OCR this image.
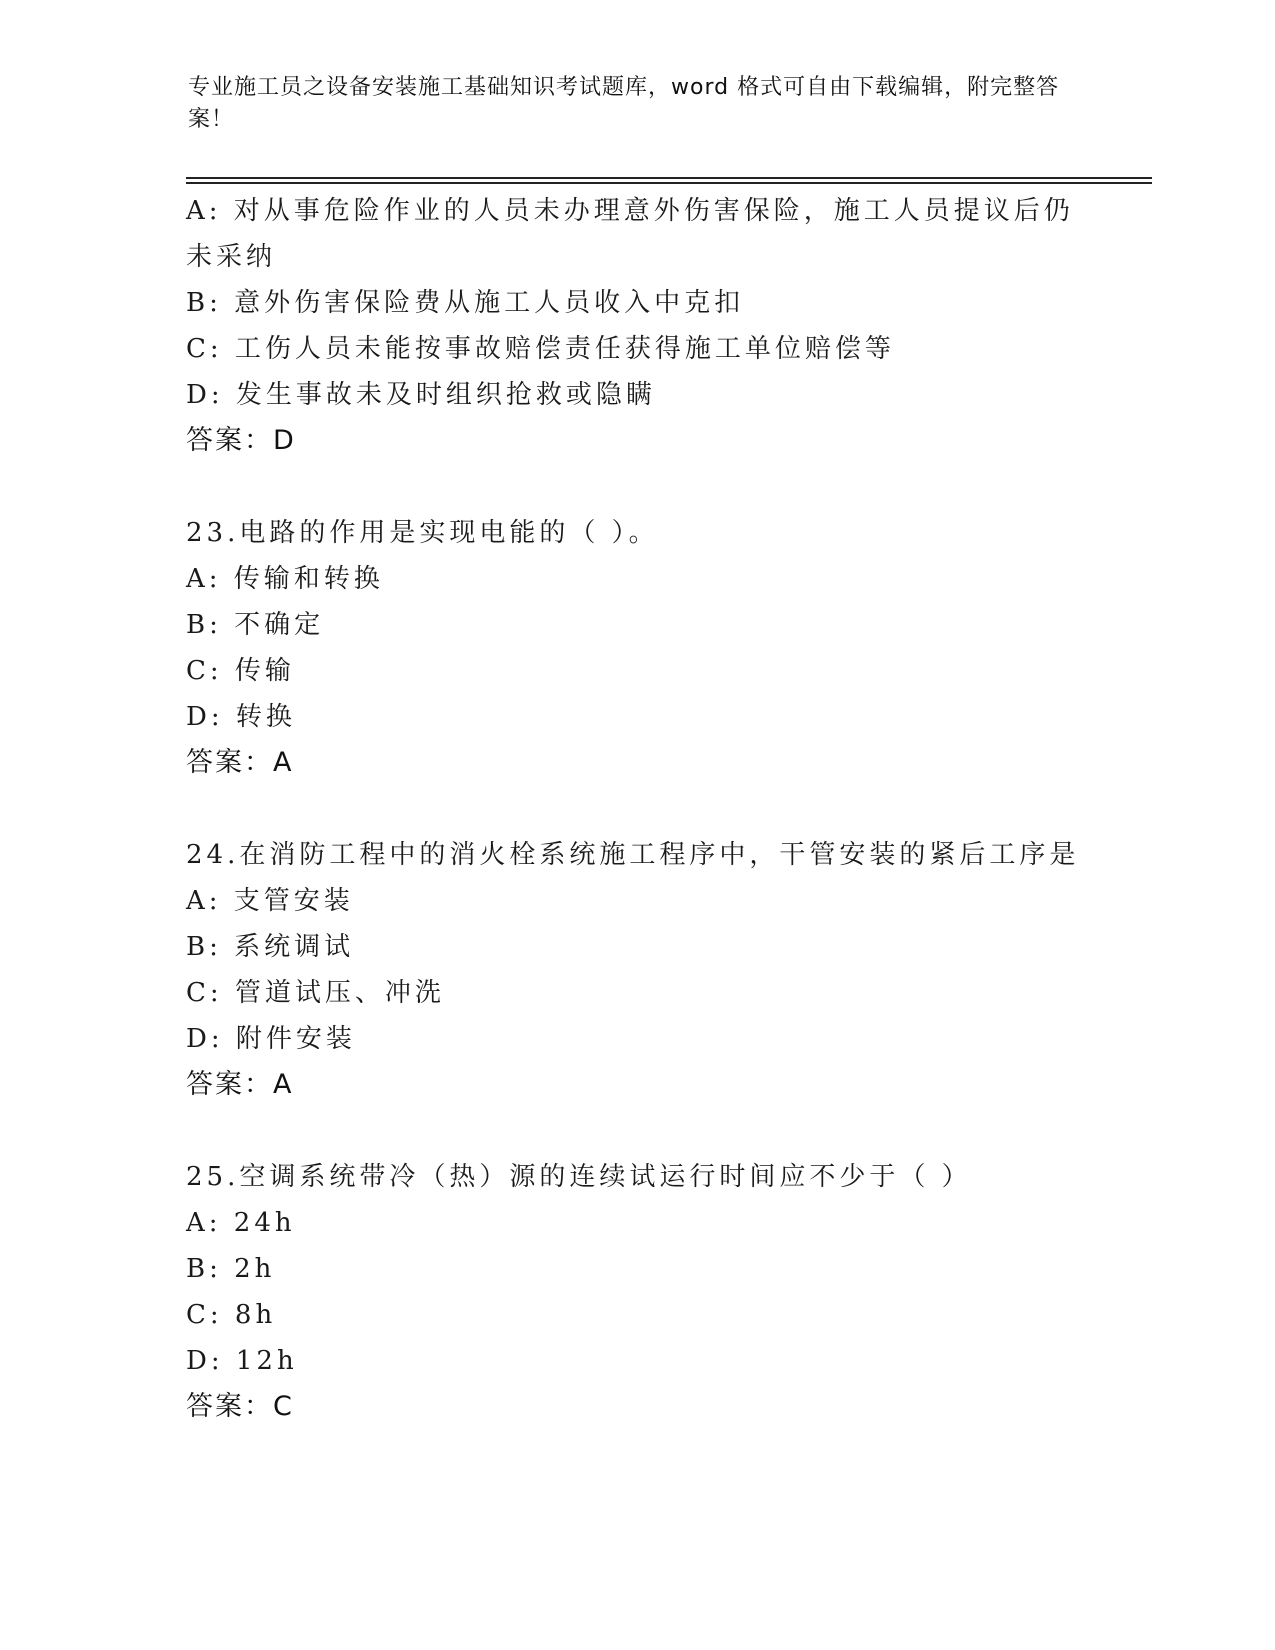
专业施工员之设备安装施工基础知识考试题库，word 格式可自由下载编辑，附完整答案！
A: 对从事危险作业的人员未办理意外伤害保险，施工人员提议后仍未采纳
B: 意外伤害保险费从施工人员收入中克扣
C: 工伤人员未能按事故赔偿责任获得施工单位赔偿等
D: 发生事故未及时组织抢救或隐瞒
答案：D
23.电路的作用是实现电能的（ ）。
A: 传输和转换
B: 不确定
C: 传输
D: 转换
答案：A
24.在消防工程中的消火栓系统施工程序中，干管安装的紧后工序是
A: 支管安装
B: 系统调试
C: 管道试压、冲洗
D: 附件安装
答案：A
25.空调系统带冷（热）源的连续试运行时间应不少于（ ）
A: 24h
B: 2h
C: 8h
D: 12h
答案：C
